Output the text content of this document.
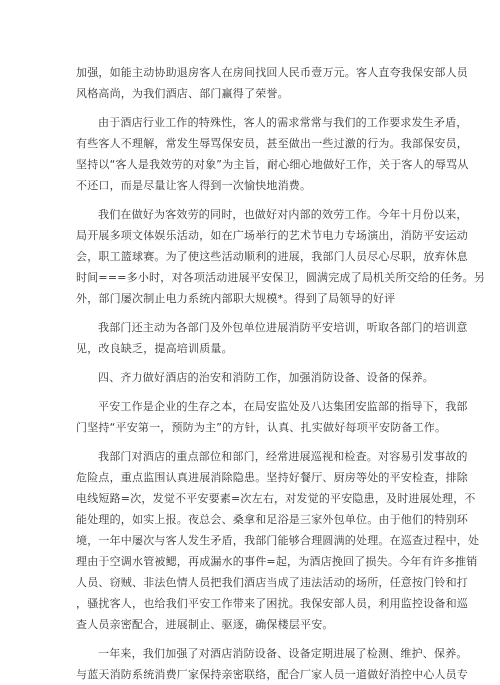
加强，如能主动协助退房客人在房间找回人民币壹万元。客人直夸我保安部人员
风格高尚，为我们酒店、部门赢得了荣誉。

由于酒店行业工作的特殊性，客人的需求常常与我们的工作要求发生矛盾，
有些客人不理解，常发生辱骂保安员，甚至做出一些过激的行为。我部保安员，
坚持以“客人是我效劳的对象”为主旨，耐心细心地做好工作，关于客人的辱骂从
不还口，而是尽量让客人得到一次愉快地消费。

我们在做好为客效劳的同时，也做好对内部的效劳工作。今年十月份以来，
局开展多项文体娱乐活动，如在广场举行的艺术节电力专场演出，消防平安运动
会，职工篮球赛。为了使这些活动顺利的进展，我部门人员尽心尽职，放弃休息
时间===多小时，对各项活动进展平安保卫，圆满完成了局机关所交给的任务。另
外，部门屡次制止电力系统内部职大规模*。得到了局领导的好评

我部门还主动为各部门及外包单位进展消防平安培训，听取各部门的培训意
见，改良缺乏，提高培训质量。

四、齐力做好酒店的治安和消防工作，加强消防设备、设备的保养。

平安工作是企业的生存之本，在局安监处及八达集团安监部的指导下，我部
门坚持“平安第一，预防为主”的方针，认真、扎实做好每项平安防备工作。

我部门对酒店的重点部位和部门，经常进展巡视和检查。对容易引发事故的
危险点，重点监围认真进展消除隐患。坚持好餐厅、厨房等处的平安检查，排除
电线短路=次，发觉不平安要素=次左右，对发觉的平安隐患，及时进展处理，不
能处理的，如实上报。夜总会、桑拿和足浴是三家外包单位。由于他们的特别环
境，一年中屡次与客人发生矛盾，我部门能够合理圆满的处理。在巡查过程中，处
理由于空调水管被鳃，再成漏水的事件=起，为酒店挽回了损失。今年有许多推销
人员、窃贼、非法色情人员把我们酒店当成了违法活动的场所，任意按门铃和打
，骚扰客人，也给我们平安工作带来了困扰。我保安部人员，利用监控设备和巡
查人员亲密配合，进展制止、驱逐，确保楼层平安。

一年来，我们加强了对酒店消防设备、设备定期进展了检测、维护、保养。
与蓝天消防系统消费厂家保持亲密联络，配合厂家人员一道做好消控中心人员专
